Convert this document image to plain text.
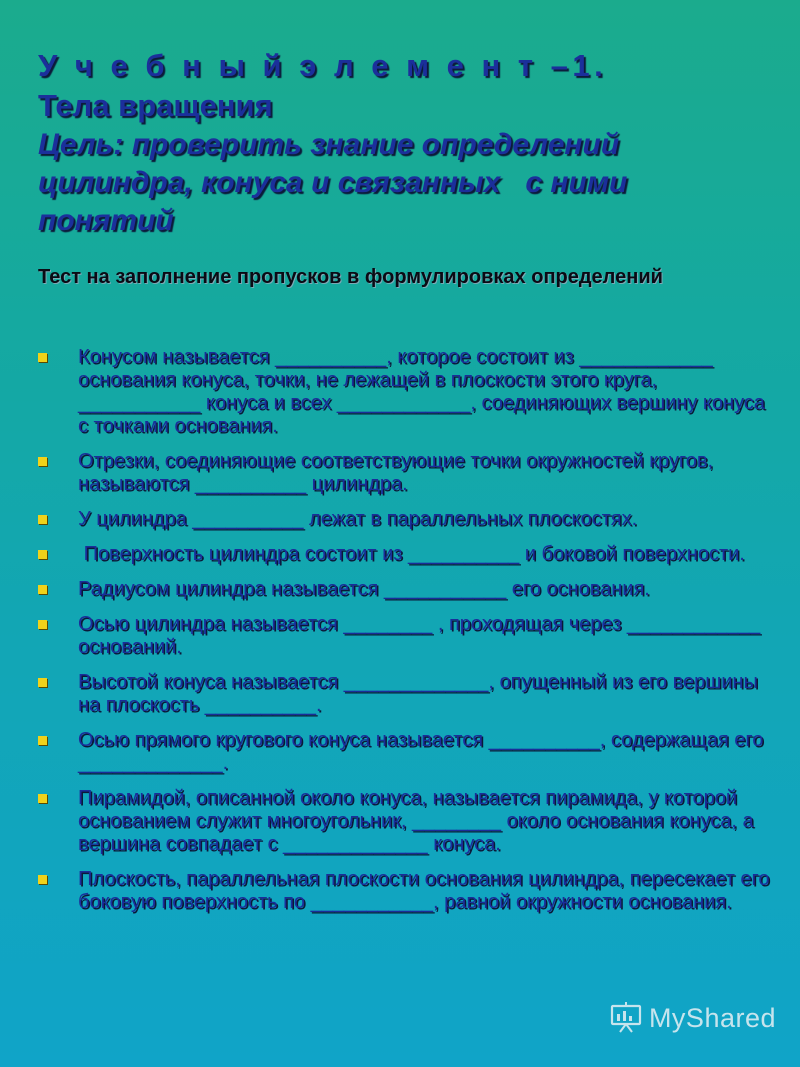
У ч е б н ы й э л е м е н т –1.
Тела вращения
Цель: проверить знание определений
цилиндра, конуса и связанных   с ними
понятий
Тест на заполнение пропусков в формулировках определений
Конусом называется __________, которое состоит из ____________ основания конуса, точки, не лежащей в плоскости этого круга, ___________ конуса и всех ____________, соединяющих вершину конуса с точками основания.
Отрезки, соединяющие соответствующие точки окружностей кругов, называются __________ цилиндра.
У цилиндра __________ лежат в параллельных плоскостях.
Поверхность цилиндра состоит из __________ и боковой поверхности.
Радиусом цилиндра называется ___________ его основания.
Осью цилиндра называется ________ , проходящая через ____________ оснований.
Высотой конуса называется _____________, опущенный из его вершины на плоскость __________.
Осью прямого кругового конуса называется __________, содержащая его _____________.
Пирамидой, описанной около конуса, называется пирамида, у которой основанием служит многоугольник, ________ около основания конуса, а вершина совпадает с _____________ конуса.
Плоскость, параллельная плоскости основания цилиндра, пересекает его боковую поверхность по ___________, равной окружности основания.
MyShared
